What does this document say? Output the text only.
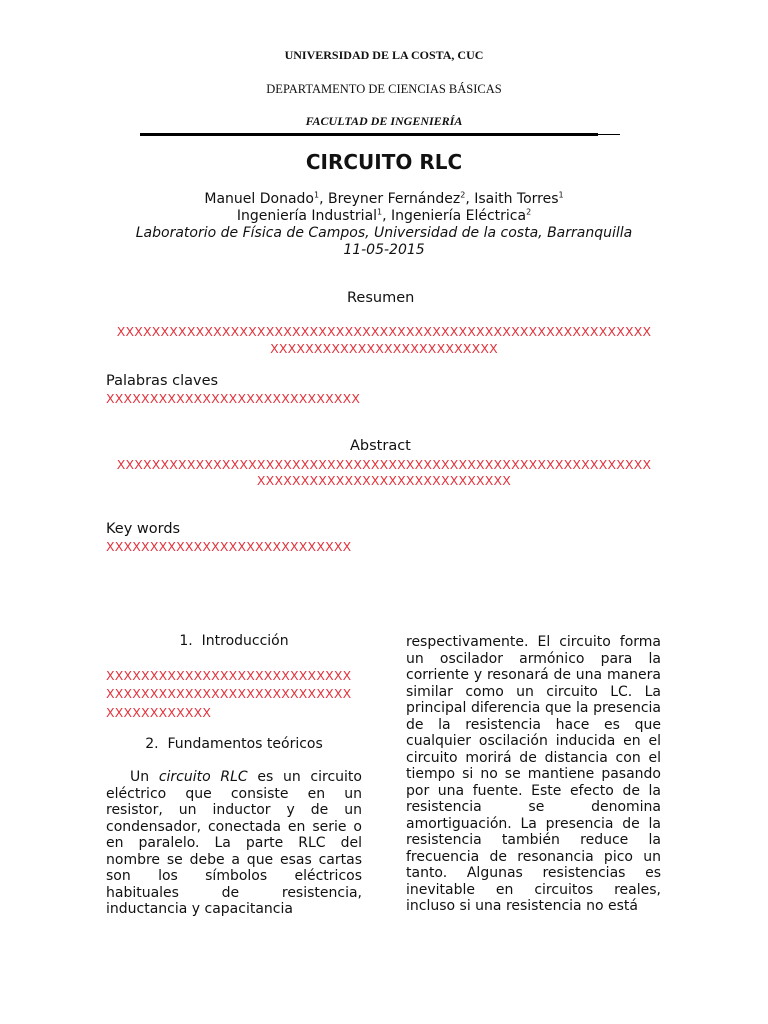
UNIVERSIDAD DE LA COSTA, CUC
DEPARTAMENTO DE CIENCIAS BÁSICAS
FACULTAD DE INGENIERÍA
CIRCUITO RLC
Manuel Donado$^1$, Breyner Fernández$^2$, Isaith Torres$^1$
Ingeniería Industrial$^1$, Ingeniería Eléctrica$^2$
Laboratorio de Física de Campos, Universidad de la costa, Barranquilla
11-05-2015
Resumen
XXXXXXXXXXXXXXXXXXXXXXXXXXXXXXXXXXXXXXXXXXXXXXXXXXXXXXXXXXXXX
XXXXXXXXXXXXXXXXXXXXXXXXXX
Palabras claves
XXXXXXXXXXXXXXXXXXXXXXXXXXXXX
Abstract
XXXXXXXXXXXXXXXXXXXXXXXXXXXXXXXXXXXXXXXXXXXXXXXXXXXXXXXXXXXXX
XXXXXXXXXXXXXXXXXXXXXXXXXXXXX
Key words
XXXXXXXXXXXXXXXXXXXXXXXXXXXX
1.  Introducción
XXXXXXXXXXXXXXXXXXXXXXXXXXXX
XXXXXXXXXXXXXXXXXXXXXXXXXXXX
XXXXXXXXXXXX
2.  Fundamentos teóricos

Un circuito RLC es un circuito eléctrico que consiste en un resistor, un inductor y de un condensador, conectada en serie o en paralelo. La parte RLC del nombre se debe a que esas cartas son los símbolos eléctricos habituales de resistencia, inductancia y capacitancia

respectivamente. El circuito forma un oscilador armónico para la corriente y resonará de una manera similar como un circuito LC. La principal diferencia que la presencia de la resistencia hace es que cualquier oscilación inducida en el circuito morirá de distancia con el tiempo si no se mantiene pasando por una fuente. Este efecto de la resistencia se denomina amortiguación. La presencia de la resistencia también reduce la frecuencia de resonancia pico un tanto. Algunas resistencias es inevitable en circuitos reales, incluso si una resistencia no está
